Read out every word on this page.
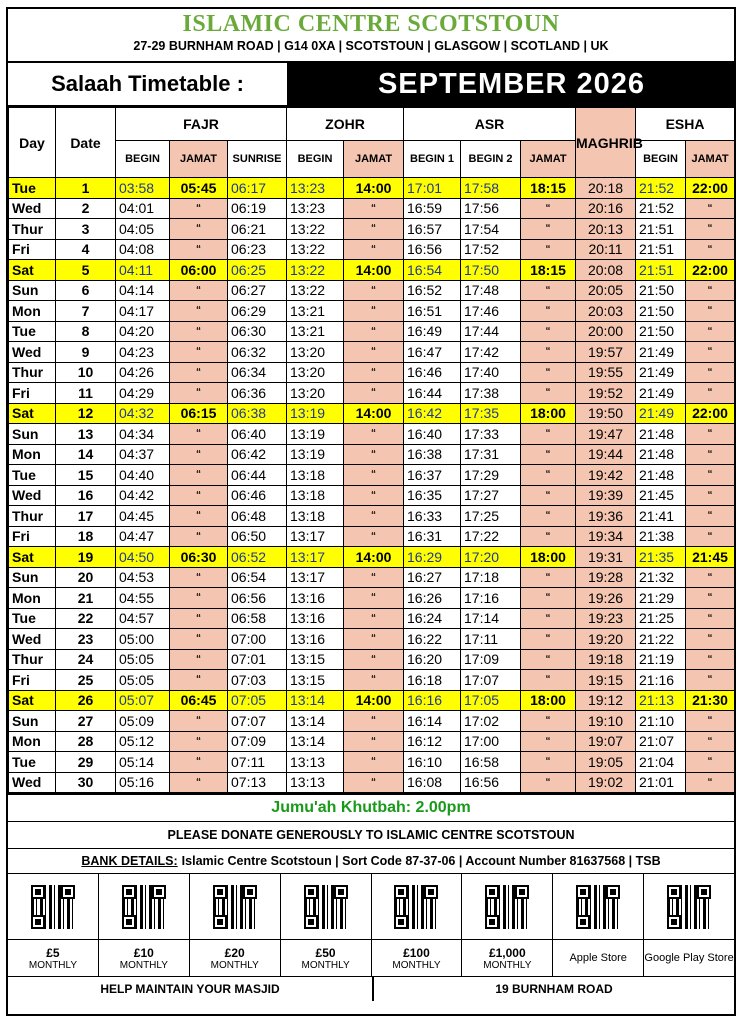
ISLAMIC CENTRE SCOTSTOUN
27-29 BURNHAM ROAD | G14 0XA | SCOTSTOUN | GLASGOW | SCOTLAND | UK
Salaah Timetable :	SEPTEMBER 2026
Day	Date	FAJR			ZOHR		ASR			MAGHRIB	ESHA	
		BEGIN	JAMAT	SUNRISE	BEGIN	JAMAT	BEGIN 1	BEGIN 2	JAMAT		BEGIN	JAMAT
Tue	1	03:58	05:45	06:17	13:23	14:00	17:01	17:58	18:15	20:18	21:52	22:00
Wed	2	04:01	“	06:19	13:23	“	16:59	17:56	“	20:16	21:52	“
Thur	3	04:05	“	06:21	13:22	“	16:57	17:54	“	20:13	21:51	“
Fri	4	04:08	“	06:23	13:22	“	16:56	17:52	“	20:11	21:51	“
Sat	5	04:11	06:00	06:25	13:22	14:00	16:54	17:50	18:15	20:08	21:51	22:00
Sun	6	04:14	“	06:27	13:22	“	16:52	17:48	“	20:05	21:50	“
Mon	7	04:17	“	06:29	13:21	“	16:51	17:46	“	20:03	21:50	“
Tue	8	04:20	“	06:30	13:21	“	16:49	17:44	“	20:00	21:50	“
Wed	9	04:23	“	06:32	13:20	“	16:47	17:42	“	19:57	21:49	“
Thur	10	04:26	“	06:34	13:20	“	16:46	17:40	“	19:55	21:49	“
Fri	11	04:29	“	06:36	13:20	“	16:44	17:38	“	19:52	21:49	“
Sat	12	04:32	06:15	06:38	13:19	14:00	16:42	17:35	18:00	19:50	21:49	22:00
Sun	13	04:34	“	06:40	13:19	“	16:40	17:33	“	19:47	21:48	“
Mon	14	04:37	“	06:42	13:19	“	16:38	17:31	“	19:44	21:48	“
Tue	15	04:40	“	06:44	13:18	“	16:37	17:29	“	19:42	21:48	“
Wed	16	04:42	“	06:46	13:18	“	16:35	17:27	“	19:39	21:45	“
Thur	17	04:45	“	06:48	13:18	“	16:33	17:25	“	19:36	21:41	“
Fri	18	04:47	“	06:50	13:17	“	16:31	17:22	“	19:34	21:38	“
Sat	19	04:50	06:30	06:52	13:17	14:00	16:29	17:20	18:00	19:31	21:35	21:45
Sun	20	04:53	“	06:54	13:17	“	16:27	17:18	“	19:28	21:32	“
Mon	21	04:55	“	06:56	13:16	“	16:26	17:16	“	19:26	21:29	“
Tue	22	04:57	“	06:58	13:16	“	16:24	17:14	“	19:23	21:25	“
Wed	23	05:00	“	07:00	13:16	“	16:22	17:11	“	19:20	21:22	“
Thur	24	05:05	“	07:01	13:15	“	16:20	17:09	“	19:18	21:19	“
Fri	25	05:05	“	07:03	13:15	“	16:18	17:07	“	19:15	21:16	“
Sat	26	05:07	06:45	07:05	13:14	14:00	16:16	17:05	18:00	19:12	21:13	21:30
Sun	27	05:09	“	07:07	13:14	“	16:14	17:02	“	19:10	21:10	“
Mon	28	05:12	“	07:09	13:14	“	16:12	17:00	“	19:07	21:07	“
Tue	29	05:14	“	07:11	13:13	“	16:10	16:58	“	19:05	21:04	“
Wed	30	05:16	“	07:13	13:13	“	16:08	16:56	“	19:02	21:01	“
Jumu'ah Khutbah: 2.00pm
PLEASE DONATE GENEROUSLY TO ISLAMIC CENTRE SCOTSTOUN
BANK DETAILS: Islamic Centre Scotstoun | Sort Code 87-37-06 | Account Number 81637568 | TSB
£5
MONTHLY
£10
MONTHLY
£20
MONTHLY
£50
MONTHLY
£100
MONTHLY
£1,000
MONTHLY
Apple Store	Google Play Store
HELP MAINTAIN YOUR MASJID	19 BURNHAM ROAD
